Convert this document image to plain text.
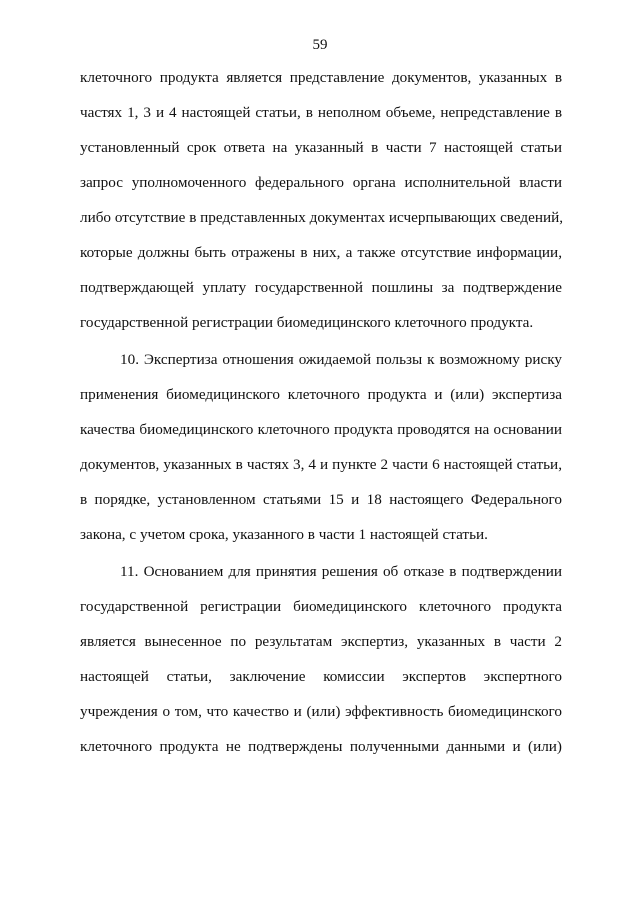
59
клеточного продукта является представление документов, указанных в
частях 1, 3 и 4 настоящей статьи, в неполном объеме, непредставление в
установленный срок ответа на указанный в части 7 настоящей статьи
запрос уполномоченного федерального органа исполнительной власти
либо отсутствие в представленных документах исчерпывающих сведений,
которые должны быть отражены в них, а также отсутствие информации,
подтверждающей уплату государственной пошлины за подтверждение
государственной регистрации биомедицинского клеточного продукта.
10. Экспертиза отношения ожидаемой пользы к возможному риску
применения биомедицинского клеточного продукта и (или) экспертиза
качества биомедицинского клеточного продукта проводятся на основании
документов, указанных в частях 3, 4 и пункте 2 части 6 настоящей статьи,
в порядке, установленном статьями 15 и 18 настоящего Федерального
закона, с учетом срока, указанного в части 1 настоящей статьи.
11. Основанием для принятия решения об отказе в подтверждении
государственной регистрации биомедицинского клеточного продукта
является вынесенное по результатам экспертиз, указанных в части 2
настоящей статьи, заключение комиссии экспертов экспертного
учреждения о том, что качество и (или) эффективность биомедицинского
клеточного продукта не подтверждены полученными данными и (или)
